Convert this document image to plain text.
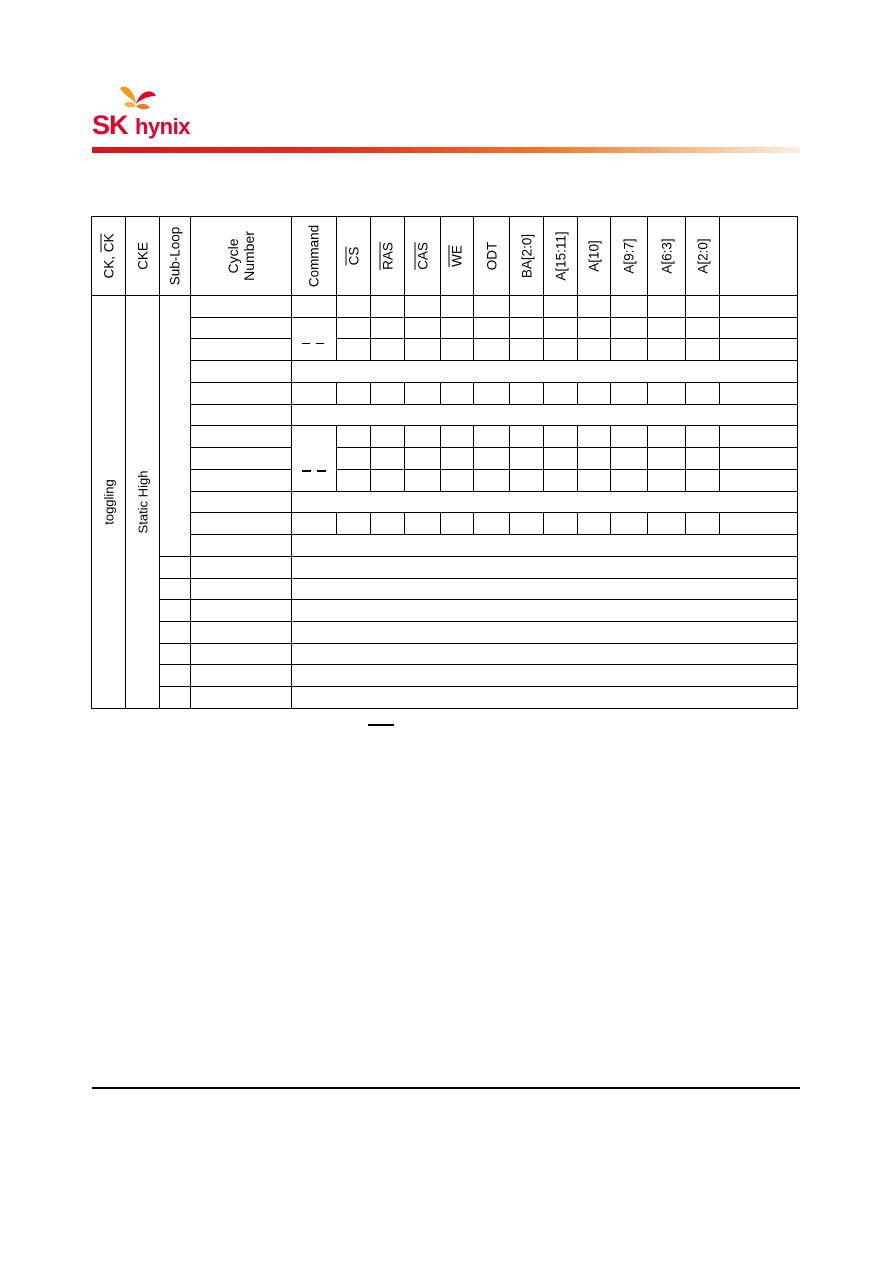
SK hynix
CK, $\overline{CK}$	CKE	Sub-Loop	Cycle Number	Command	$\overline{CS}$	$\overline{RAS}$	$\overline{CAS}$	$\overline{WE}$	ODT	BA[2:0]	A[15:11]	A[10]	A[9:7]	A[6:3]	A[2:0]	

toggling	Static High															
